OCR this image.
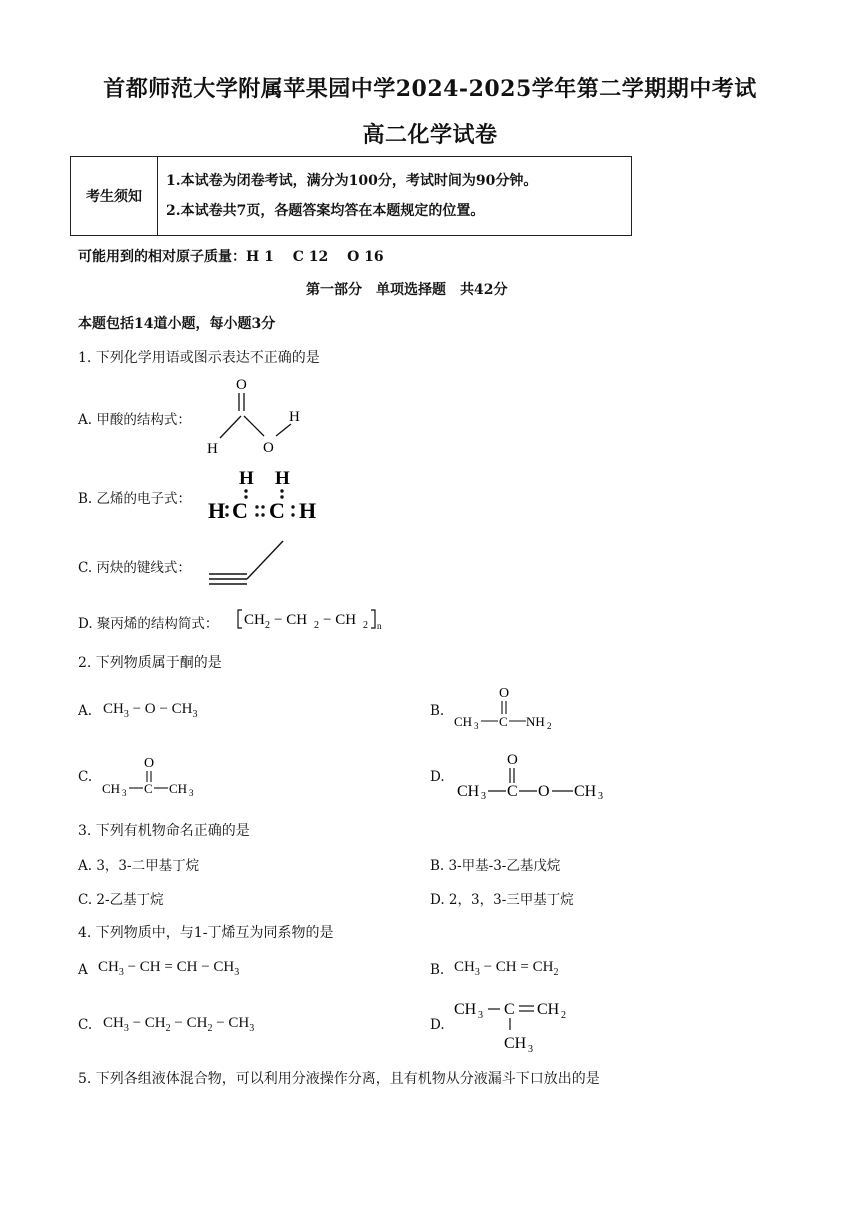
首都师范大学附属苹果园中学2024-2025学年第二学期期中考试
高二化学试卷
考生须知	
1.本试卷为闭卷考试，满分为100分，考试时间为90分钟。
2.本试卷共7页，各题答案均答在本题规定的位置。
可能用到的相对原子质量：H 1　 C 12　 O 16
第一部分　单项选择题　共42分
本题包括14道小题，每小题3分
1. 下列化学用语或图示表达不正确的是
A. 甲酸的结构式：
O
H	O
H
B. 乙烯的电子式：
H H
H C C H
C. 丙炔的键线式：
D. 聚丙烯的结构简式： CH 2 − CH 2 − CH 2 n
2. 下列物质属于酮的是
A. $CH_3 - O - CH_3$	B.
O
CH 3 C NH 2
C.
O
CH 3 C CH 3
D.
O
CH 3 C O CH 3
3. 下列有机物命名正确的是
A. 3，3-二甲基丁烷	B. 3-甲基-3-乙基戊烷
C. 2-乙基丁烷	D. 2，3，3-三甲基丁烷
4. 下列物质中，与1-丁烯互为同系物的是
A $CH_3$ − CH = CH − $CH_3$	B. $CH_3$ − CH = $CH_2$
C. $CH_3 - CH_2 - CH_2 - CH_3$	D.
CH 3 C CH 2
CH 3
5. 下列各组液体混合物，可以利用分液操作分离，且有机物从分液漏斗下口放出的是
